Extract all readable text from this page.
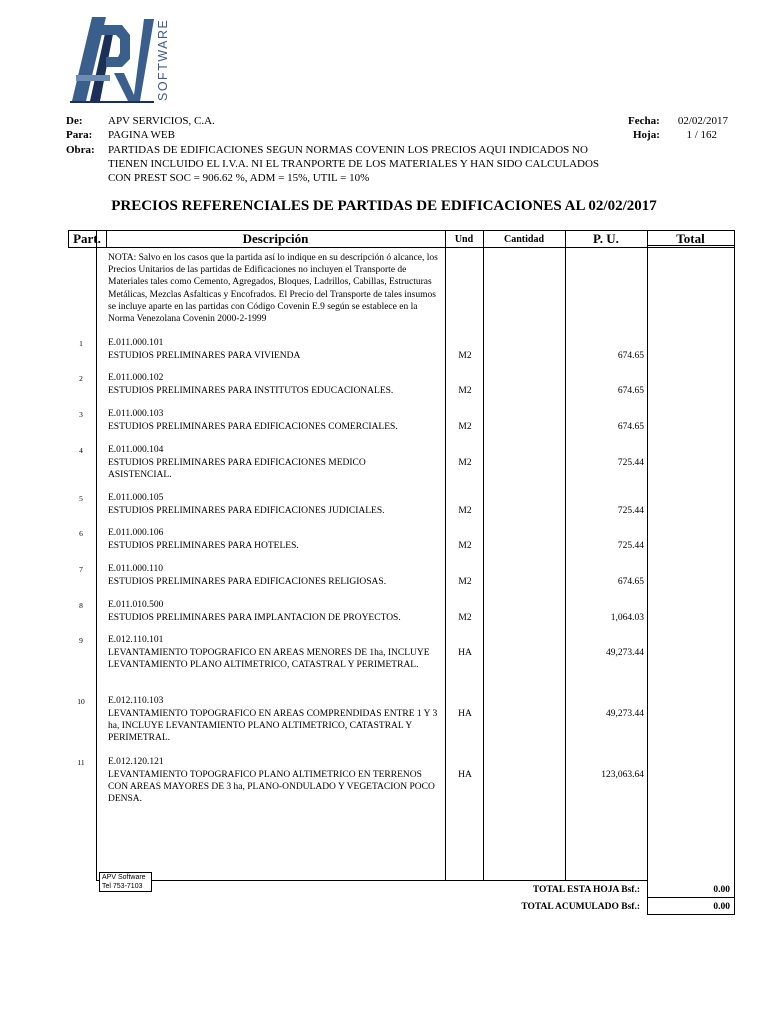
SOFTWARE
De: APV SERVICIOS, C.A.
Para: PAGINA WEB
Obra: PARTIDAS DE EDIFICACIONES SEGUN NORMAS COVENIN LOS PRECIOS AQUI INDICADOS NO
TIENEN INCLUIDO EL I.V.A. NI EL TRANPORTE DE LOS MATERIALES Y HAN SIDO CALCULADOS
CON PREST SOC = 906.62 %, ADM = 15%, UTIL = 10%
Fecha:	02/02/2017
Hoja:	1 / 162
PRECIOS REFERENCIALES DE PARTIDAS DE EDIFICACIONES AL 02/02/2017
Part.	Descripción	Und	Cantidad	P. U.	Total
NOTA: Salvo en los casos que la partida así lo indique en su descripción ó alcance, los Precios Unitarios de las partidas de Edificaciones no incluyen el Transporte de Materiales tales como Cemento, Agregados, Bloques, Ladrillos, Cabillas, Estructuras Metálicas, Mezclas Asfalticas y Encofrados. El Precio del Transporte de tales insumos se incluye aparte en las partidas con Código Covenin E.9 según se establece en la Norma Venezolana Covenin 2000-2-1999
1	E.011.000.101
ESTUDIOS PRELIMINARES PARA VIVIENDA	M2	674.65
2	E.011.000.102
ESTUDIOS PRELIMINARES PARA INSTITUTOS EDUCACIONALES.	M2	674.65
3	E.011.000.103
ESTUDIOS PRELIMINARES PARA EDIFICACIONES COMERCIALES.	M2	674.65
4	E.011.000.104
ESTUDIOS PRELIMINARES PARA EDIFICACIONES MEDICO ASISTENCIAL.
M2	725.44
5	E.011.000.105
ESTUDIOS PRELIMINARES PARA EDIFICACIONES JUDICIALES.	M2	725.44
6	E.011.000.106
ESTUDIOS PRELIMINARES PARA HOTELES.	M2	725.44
7	E.011.000.110
ESTUDIOS PRELIMINARES PARA EDIFICACIONES RELIGIOSAS.	M2	674.65
8	E.011.010.500
ESTUDIOS PRELIMINARES PARA IMPLANTACION DE PROYECTOS.	M2	1,064.03
9	E.012.110.101
LEVANTAMIENTO TOPOGRAFICO EN AREAS MENORES DE 1ha, INCLUYE LEVANTAMIENTO PLANO ALTIMETRICO, CATASTRAL Y PERIMETRAL.
HA	49,273.44
10	E.012.110.103
LEVANTAMIENTO TOPOGRAFICO EN AREAS COMPRENDIDAS ENTRE 1 Y 3 ha, INCLUYE LEVANTAMIENTO PLANO ALTIMETRICO, CATASTRAL Y PERIMETRAL.
HA	49,273.44
11	E.012.120.121
LEVANTAMIENTO TOPOGRAFICO PLANO ALTIMETRICO EN TERRENOS CON AREAS MAYORES DE 3 ha, PLANO-ONDULADO Y VEGETACION POCO DENSA.
HA	123,063.64
APV Software
Tel 753-7103	TOTAL ESTA HOJA Bsf.:	0.00
TOTAL ACUMULADO Bsf.:	0.00
